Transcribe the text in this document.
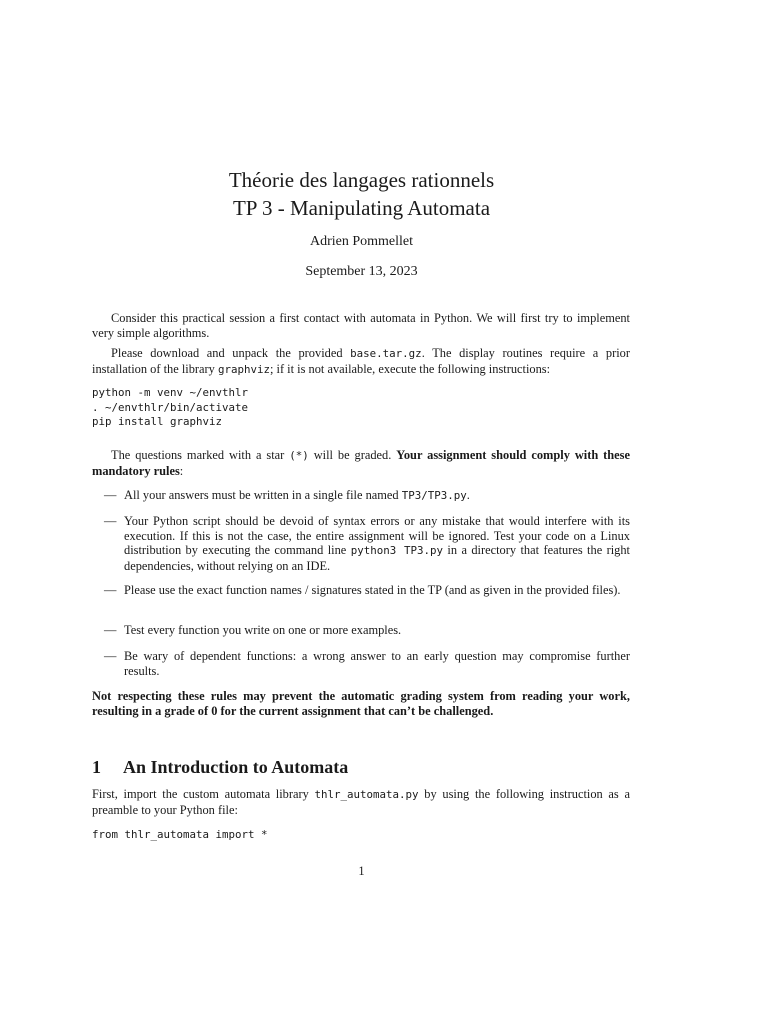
Théorie des langages rationnels
TP 3 - Manipulating Automata
Adrien Pommellet
September 13, 2023

Consider this practical session a first contact with automata in Python. We will first try to implement very simple algorithms.

Please download and unpack the provided base.tar.gz. The display routines require a prior installation of the library graphviz; if it is not available, execute the following instructions:

python -m venv ~/envthlr
. ~/envthlr/bin/activate
pip install graphviz

The questions marked with a star (*) will be graded. Your assignment should comply with these mandatory rules:

— All your answers must be written in a single file named TP3/TP3.py.
— Your Python script should be devoid of syntax errors or any mistake that would interfere with its execution. If this is not the case, the entire assignment will be ignored. Test your code on a Linux distribution by executing the command line python3 TP3.py in a directory that features the right dependencies, without relying on an IDE.
— Please use the exact function names / signatures stated in the TP (and as given in the provided files).
— Test every function you write on one or more examples.
— Be wary of dependent functions: a wrong answer to an early question may compromise further results.

Not respecting these rules may prevent the automatic grading system from reading your work, resulting in a grade of 0 for the current assignment that can’t be challenged.

1 An Introduction to Automata

First, import the custom automata library thlr_automata.py by using the following instruction as a preamble to your Python file:

from thlr_automata import *
1
